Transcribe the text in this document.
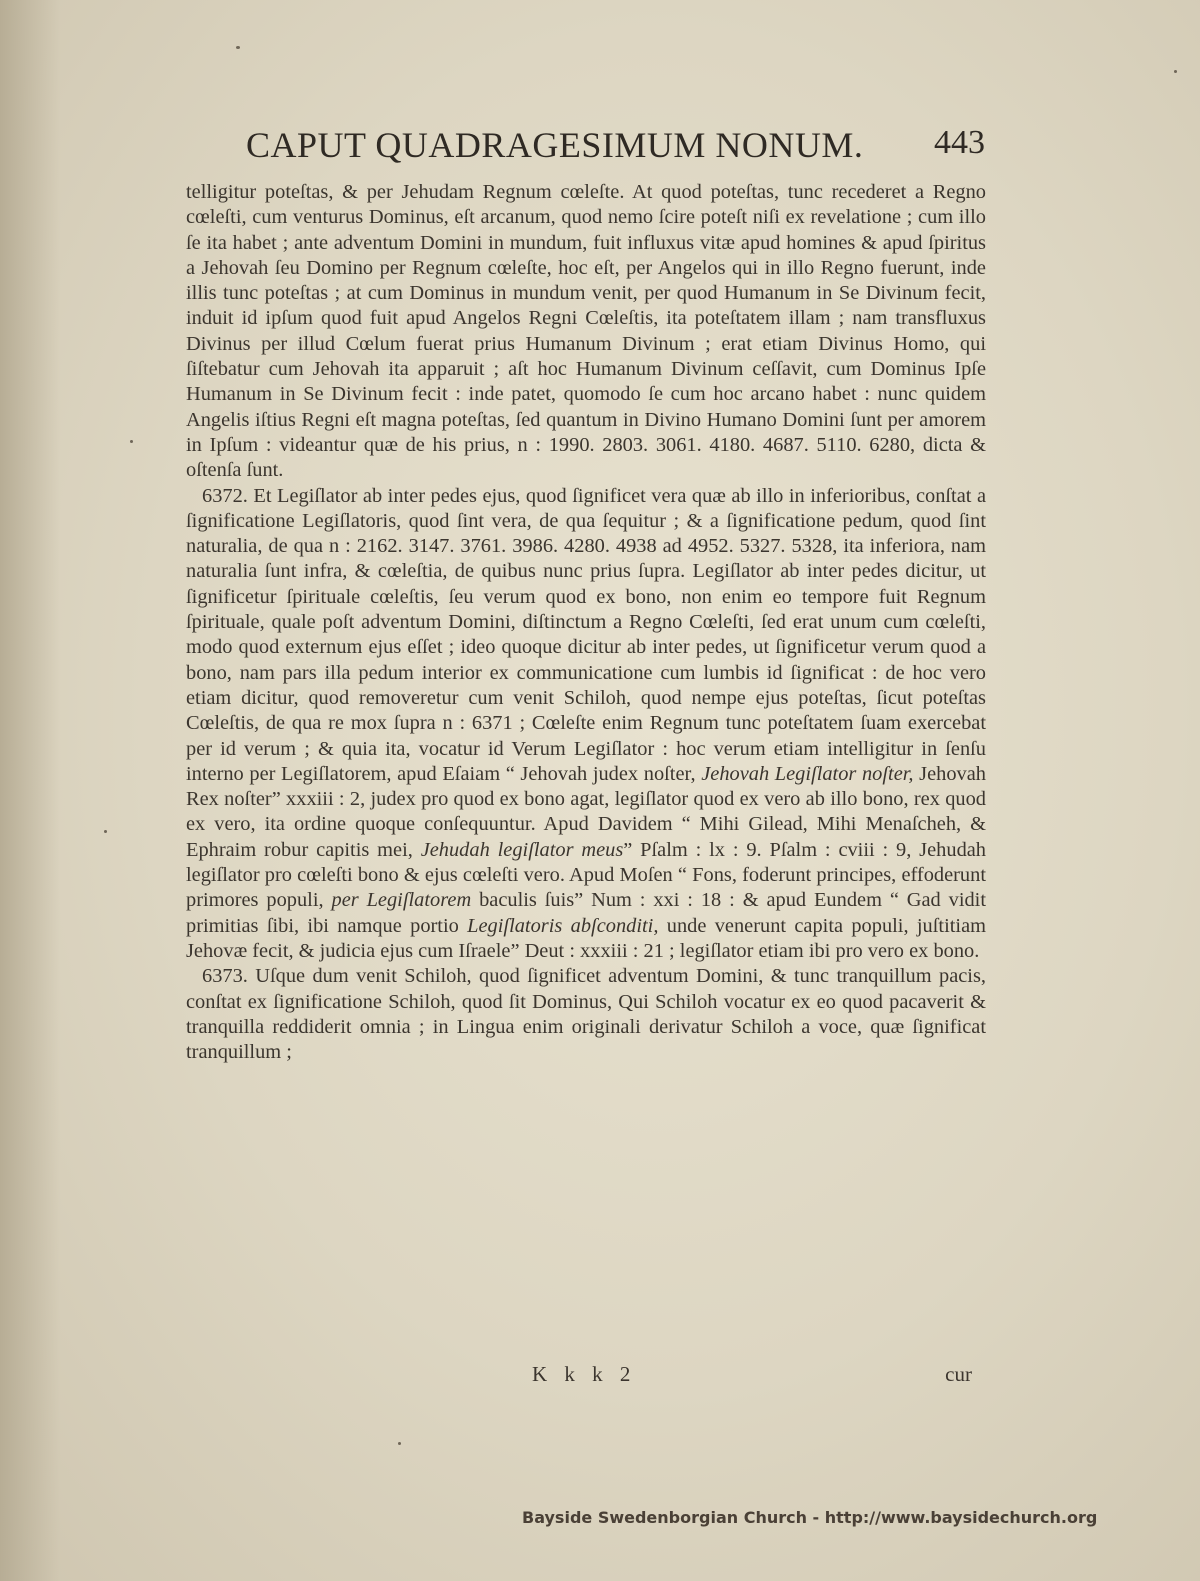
CAPUT QUADRAGESIMUM NONUM. 443

telligitur poteſtas, & per Jehudam Regnum cœleſte. At quod poteſtas, tunc recederet a Regno cœleſti, cum venturus Dominus, eſt arcanum, quod nemo ſcire poteſt niſi ex revelatione ; cum illo ſe ita habet ; ante adventum Domini in mundum, fuit influxus vitæ apud homines & apud ſpiritus a Jehovah ſeu Domino per Regnum cœleſte, hoc eſt, per Angelos qui in illo Regno fuerunt, inde illis tunc poteſtas ; at cum Dominus in mundum venit, per quod Humanum in Se Divinum fecit, induit id ipſum quod fuit apud Angelos Regni Cœleſtis, ita poteſtatem illam ; nam transfluxus Divinus per illud Cœlum fuerat prius Humanum Divinum ; erat etiam Divinus Homo, qui ſiſtebatur cum Jehovah ita apparuit ; aſt hoc Humanum Divinum ceſſavit, cum Dominus Ipſe Humanum in Se Divinum fecit : inde patet, quomodo ſe cum hoc arcano habet : nunc quidem Angelis iſtius Regni eſt magna poteſtas, ſed quantum in Divino Humano Domini ſunt per amorem in Ipſum : videantur quæ de his prius, n : 1990. 2803. 3061. 4180. 4687. 5110. 6280, dicta & oſtenſa ſunt.

6372. Et Legiſlator ab inter pedes ejus, quod ſignificet vera quæ ab illo in inferioribus, conſtat a ſignificatione Legiſlatoris, quod ſint vera, de qua ſequitur ; & a ſignificatione pedum, quod ſint naturalia, de qua n : 2162. 3147. 3761. 3986. 4280. 4938 ad 4952. 5327. 5328, ita inferiora, nam naturalia ſunt infra, & cœleſtia, de quibus nunc prius ſupra. Legiſlator ab inter pedes dicitur, ut ſignificetur ſpirituale cœleſtis, ſeu verum quod ex bono, non enim eo tempore fuit Regnum ſpirituale, quale poſt adventum Domini, diſtinctum a Regno Cœleſti, ſed erat unum cum cœleſti, modo quod externum ejus eſſet ; ideo quoque dicitur ab inter pedes, ut ſignificetur verum quod a bono, nam pars illa pedum interior ex communicatione cum lumbis id ſignificat : de hoc vero etiam dicitur, quod removeretur cum venit Schiloh, quod nempe ejus poteſtas, ſicut poteſtas Cœleſtis, de qua re mox ſupra n : 6371 ; Cœleſte enim Regnum tunc poteſtatem ſuam exercebat per id verum ; & quia ita, vocatur id Verum Legiſlator : hoc verum etiam intelligitur in ſenſu interno per Legiſlatorem, apud Eſaiam “ Jehovah judex noſter, Jehovah Legiſlator noſter, Jehovah Rex noſter” xxxiii : 2, judex pro quod ex bono agat, legiſlator quod ex vero ab illo bono, rex quod ex vero, ita ordine quoque conſequuntur. Apud Davidem “ Mihi Gilead, Mihi Menaſcheh, & Ephraim robur capitis mei, Jehudah legiſlator meus” Pſalm : lx : 9. Pſalm : cviii : 9, Jehudah legiſlator pro cœleſti bono & ejus cœleſti vero. Apud Moſen “ Fons, foderunt principes, effoderunt primores populi, per Legiſlatorem baculis ſuis” Num : xxi : 18 : & apud Eundem “ Gad vidit primitias ſibi, ibi namque portio Legiſlatoris abſconditi, unde venerunt capita populi, juſtitiam Jehovæ fecit, & judicia ejus cum Iſraele” Deut : xxxiii : 21 ; legiſlator etiam ibi pro vero ex bono.

6373. Uſque dum venit Schiloh, quod ſignificet adventum Domini, & tunc tranquillum pacis, conſtat ex ſignificatione Schiloh, quod ſit Dominus, Qui Schiloh vocatur ex eo quod pacaverit & tranquilla reddiderit omnia ; in Lingua enim originali derivatur Schiloh a voce, quæ ſignificat tranquillum ;

K k k 2	cur
Bayside Swedenborgian Church - http://www.baysidechurch.org
